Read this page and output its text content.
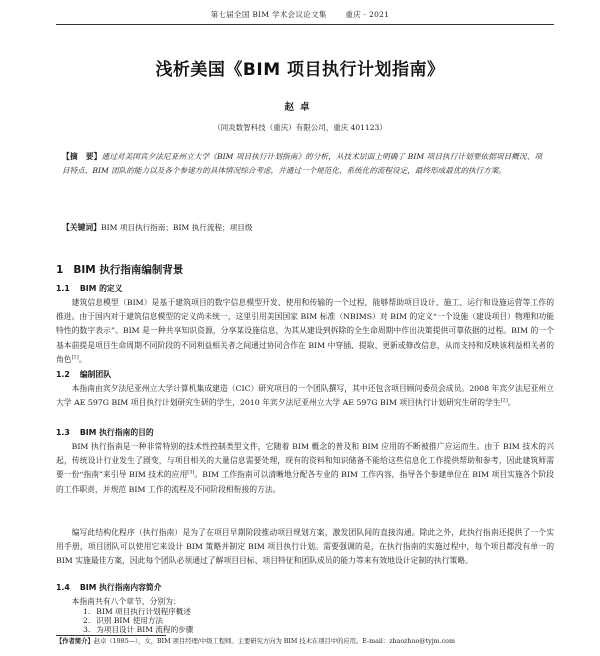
第七届全国 BIM 学术会议论文集 重庆 · 2021
浅析美国《BIM 项目执行计划指南》
赵卓
（同炎数智科技（重庆）有限公司，重庆 401123）
【摘　要】通过对美国宾夕法尼亚州立大学《BIM 项目执行计划指南》的分析，从技术层面上明确了 BIM 项目执行计划要依据项目概况、项目特点、BIM 团队的能力以及各个参建方的具体情况综合考虑，并通过一个规范化、系统化的流程设定，最终形成最优的执行方案。
【关键词】BIM 项目执行指南；BIM 执行流程；项目级
1 BIM 执行指南编制背景
1.1 BIM 的定义
建筑信息模型（BIM）是基于建筑项目的数字信息模型开发、使用和传输的一个过程，能够帮助项目设计、施工、运行和设施运营等工作的推进。由于国内对于建筑信息模型的定义尚未统一，这里引用美国国家 BIM 标准（NBIMS）对 BIM 的定义“一个设施（建设项目）物理和功能特性的数字表示”。BIM 是一种共享知识资源，分享某设施信息，为其从建设到拆除的全生命周期中作出决策提供可靠依据的过程。BIM 的一个基本前提是项目生命周期不同阶段的不同利益相关者之间通过协同合作在 BIM 中穿插、提取、更新或修改信息，从而支持和反映该利益相关者的角色[1]。
1.2 编制团队
本指南由宾夕法尼亚州立大学计算机集成建造（CIC）研究项目的一个团队撰写，其中还包含项目顾问委员会成员。2008 年宾夕法尼亚州立大学 AE 597G BIM 项目执行计划研究生研的学生，2010 年宾夕法尼亚州立大学 AE 597G BIM 项目执行计划研究生研的学生[2]。
1.3 BIM 执行指南的目的
BIM 执行指南是一种非常特别的技术性控制类型文件，它随着 BIM 概念的普及和 BIM 应用的不断被推广应运而生。由于 BIM 技术的兴起，传统设计行业发生了剧变，与项目相关的大量信息需要处理，现有的资料和知识储备不能给这些信息化工作提供帮助和参考，因此建筑师需要一份“指南”来引导 BIM 技术的应用[3]。BIM 工作指南可以清晰地分配各专业的 BIM 工作内容，指导各个参建单位在 BIM 项目实施各个阶段的工作职责，并规范 BIM 工作的流程及不同阶段相衔接的方法。
编写此结构化程序（执行指南）是为了在项目早期阶段推动项目规划方案，激发团队间的直接沟通。除此之外，此执行指南还提供了一个实用手册，项目团队可以使用它来设计 BIM 策略并制定 BIM 项目执行计划。需要强调的是，在执行指南的实施过程中，每个项目都没有单一的 BIM 实施最佳方案，因此每个团队必须通过了解项目目标、项目特征和团队成员的能力等来有效地设计定制的执行策略。
1.4 BIM 执行指南内容简介
本指南共有八个章节，分别为：
1. BIM 项目执行计划程序概述
【作者简介】赵卓（1985—），女，BIM 项目经理/中级工程师。主要研究方向为 BIM 技术在项目中的应用。E-mail：zhaozhuo@tyjm.com
2. 识别 BIM 使用方法
3. 为项目设计 BIM 流程的步骤
